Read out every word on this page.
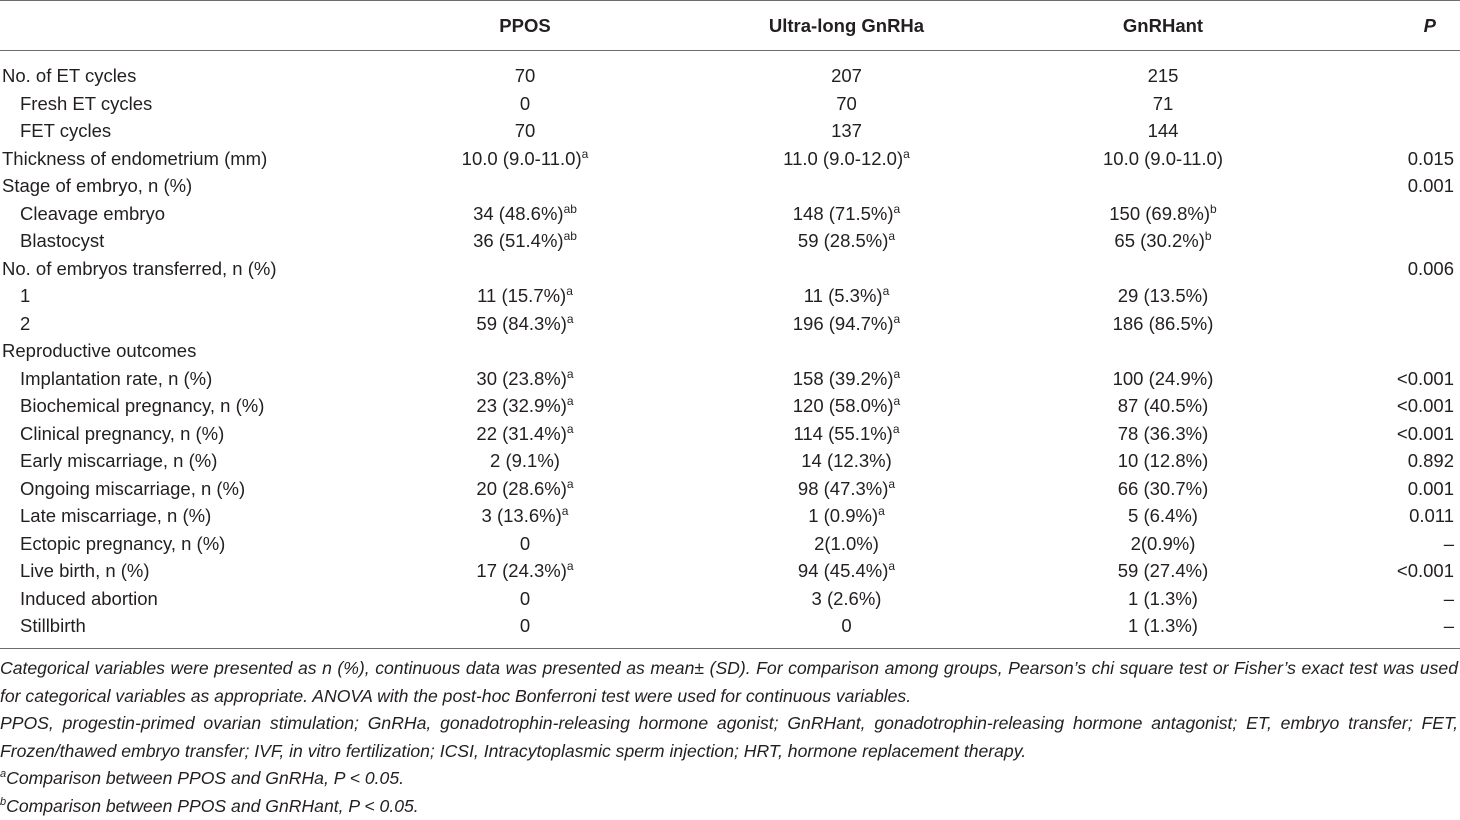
	PPOS	Ultra-long GnRHa	GnRHant	P
No. of ET cycles	70	207	215	
Fresh ET cycles	0	70	71	
FET cycles	70	137	144	
Thickness of endometrium (mm)	10.0 $(9.0-11.0)^a$	11.0 $(9.0-12.0)^a$	10.0 (9.0-11.0)	0.015
Stage of embryo, n (%)				0.001
Cleavage embryo	34 $(48.6\%)^{ab}$	148 $(71.5\%)^a$	150 $(69.8\%)^b$	
Blastocyst	36 $(51.4\%)^{ab}$	59 $(28.5\%)^a$	65 $(30.2\%)^b$	
No. of embryos transferred, n (%)				0.006
1	11 $(15.7\%)^a$	11 $(5.3\%)^a$	29 (13.5%)	
2	59 $(84.3\%)^a$	196 $(94.7\%)^a$	186 (86.5%)	
Reproductive outcomes				
Implantation rate, n (%)	30 $(23.8\%)^a$	158 $(39.2\%)^a$	100 (24.9%)	<0.001
Biochemical pregnancy, n (%)	23 $(32.9\%)^a$	120 $(58.0\%)^a$	87 (40.5%)	<0.001
Clinical pregnancy, n (%)	22 $(31.4\%)^a$	114 $(55.1\%)^a$	78 (36.3%)	<0.001
Early miscarriage, n (%)	2 (9.1%)	14 (12.3%)	10 (12.8%)	0.892
Ongoing miscarriage, n (%)	20 $(28.6\%)^a$	98 $(47.3\%)^a$	66 (30.7%)	0.001
Late miscarriage, n (%)	3 $(13.6\%)^a$	1 $(0.9\%)^a$	5 (6.4%)	0.011
Ectopic pregnancy, n (%)	0	2(1.0%)	2(0.9%)	–
Live birth, n (%)	17 $(24.3\%)^a$	94 $(45.4\%)^a$	59 (27.4%)	<0.001
Induced abortion	0	3 (2.6%)	1 (1.3%)	–
Stillbirth	0	0	1 (1.3%)	–

Categorical variables were presented as n (%), continuous data was presented as mean± (SD). For comparison among groups, Pearson’s chi square test or Fisher’s exact test was used for categorical variables as appropriate. ANOVA with the post-hoc Bonferroni test were used for continuous variables.

PPOS, progestin-primed ovarian stimulation; GnRHa, gonadotrophin-releasing hormone agonist; GnRHant, gonadotrophin-releasing hormone antagonist; ET, embryo transfer; FET, Frozen/thawed embryo transfer; IVF, in vitro fertilization; ICSI, Intracytoplasmic sperm injection; HRT, hormone replacement therapy.

$^a$Comparison between PPOS and GnRHa, P < 0.05.

$^b$Comparison between PPOS and GnRHant, P < 0.05.
